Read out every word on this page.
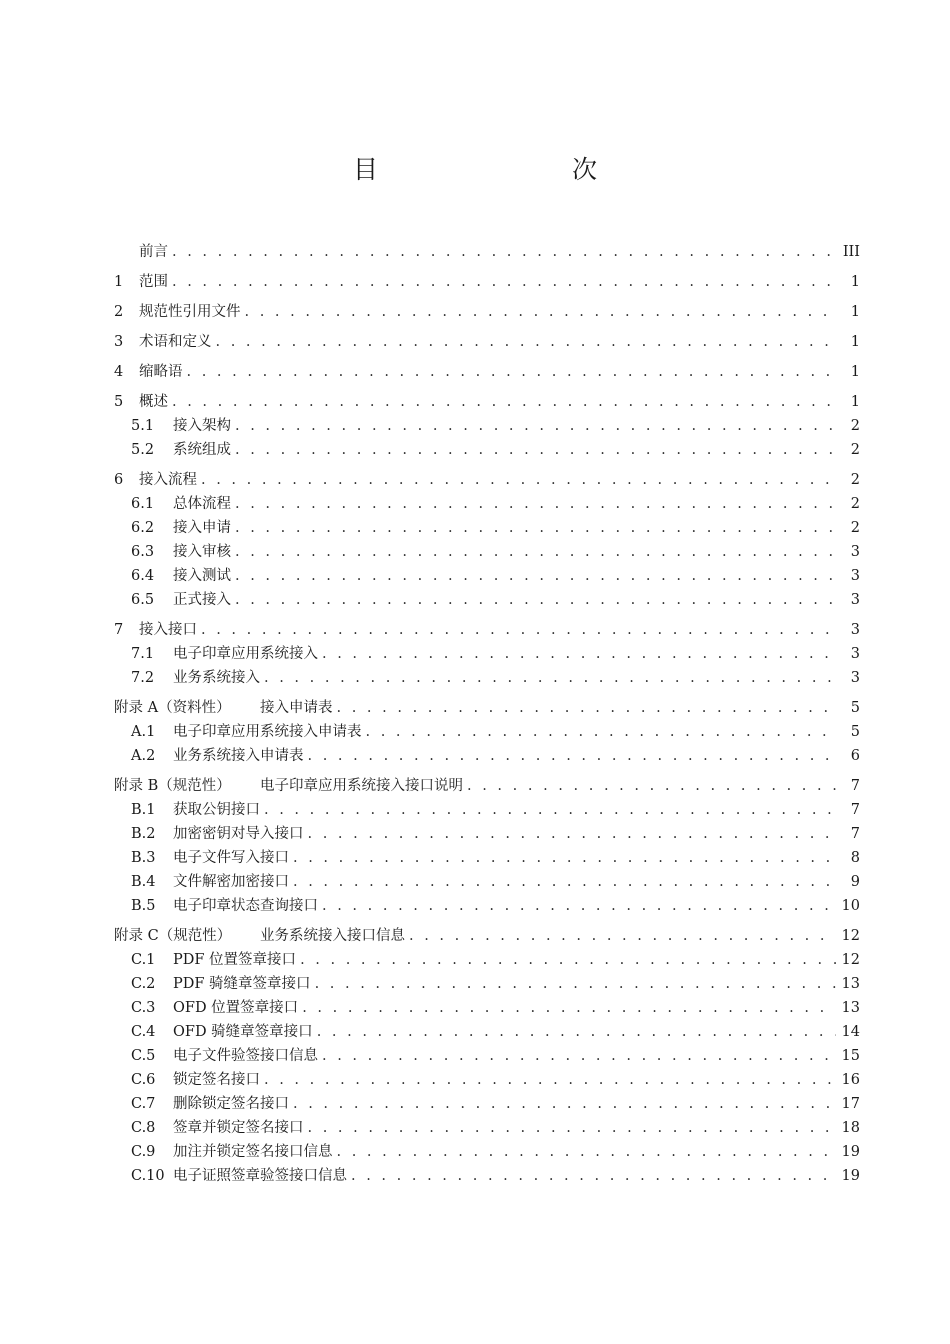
目　　次
前言 . . .	III
1	范围 . . .	1
2	规范性引用文件 . . .	1
3	术语和定义 . . .	1
4	缩略语 . . .	1
5	概述 . . .	1
5.1	接入架构 . . .	2
5.2	系统组成 . . .	2
6	接入流程 . . .	2
6.1	总体流程 . . .	2
6.2	接入申请 . . .	2
6.3	接入审核 . . .	3
6.4	接入测试 . . .	3
6.5	正式接入 . . .	3
7	接入接口 . . .	3
7.1	电子印章应用系统接入 . . .	3
7.2	业务系统接入 . . .	3
附录 A（资料性）	接入申请表 . . .	5
A.1	电子印章应用系统接入申请表 . . .	5
A.2	业务系统接入申请表 . . .	6
附录 B（规范性）	电子印章应用系统接入接口说明 . . .	7
B.1	获取公钥接口 . . .	7
B.2	加密密钥对导入接口 . . .	7
B.3	电子文件写入接口 . . .	8
B.4	文件解密加密接口 . . .	9
B.5	电子印章状态查询接口 . . .	10
附录 C（规范性）	业务系统接入接口信息 . . .	12
C.1	PDF 位置签章接口 . . .	12
C.2	PDF 骑缝章签章接口 . . .	13
C.3	OFD 位置签章接口 . . .	13
C.4	OFD 骑缝章签章接口 . . .	14
C.5	电子文件验签接口信息 . . .	15
C.6	锁定签名接口 . . .	16
C.7	删除锁定签名接口 . . .	17
C.8	签章并锁定签名接口 . . .	18
C.9	加注并锁定签名接口信息 . . .	19
C.10 电子证照签章验签接口信息 . . .	19
